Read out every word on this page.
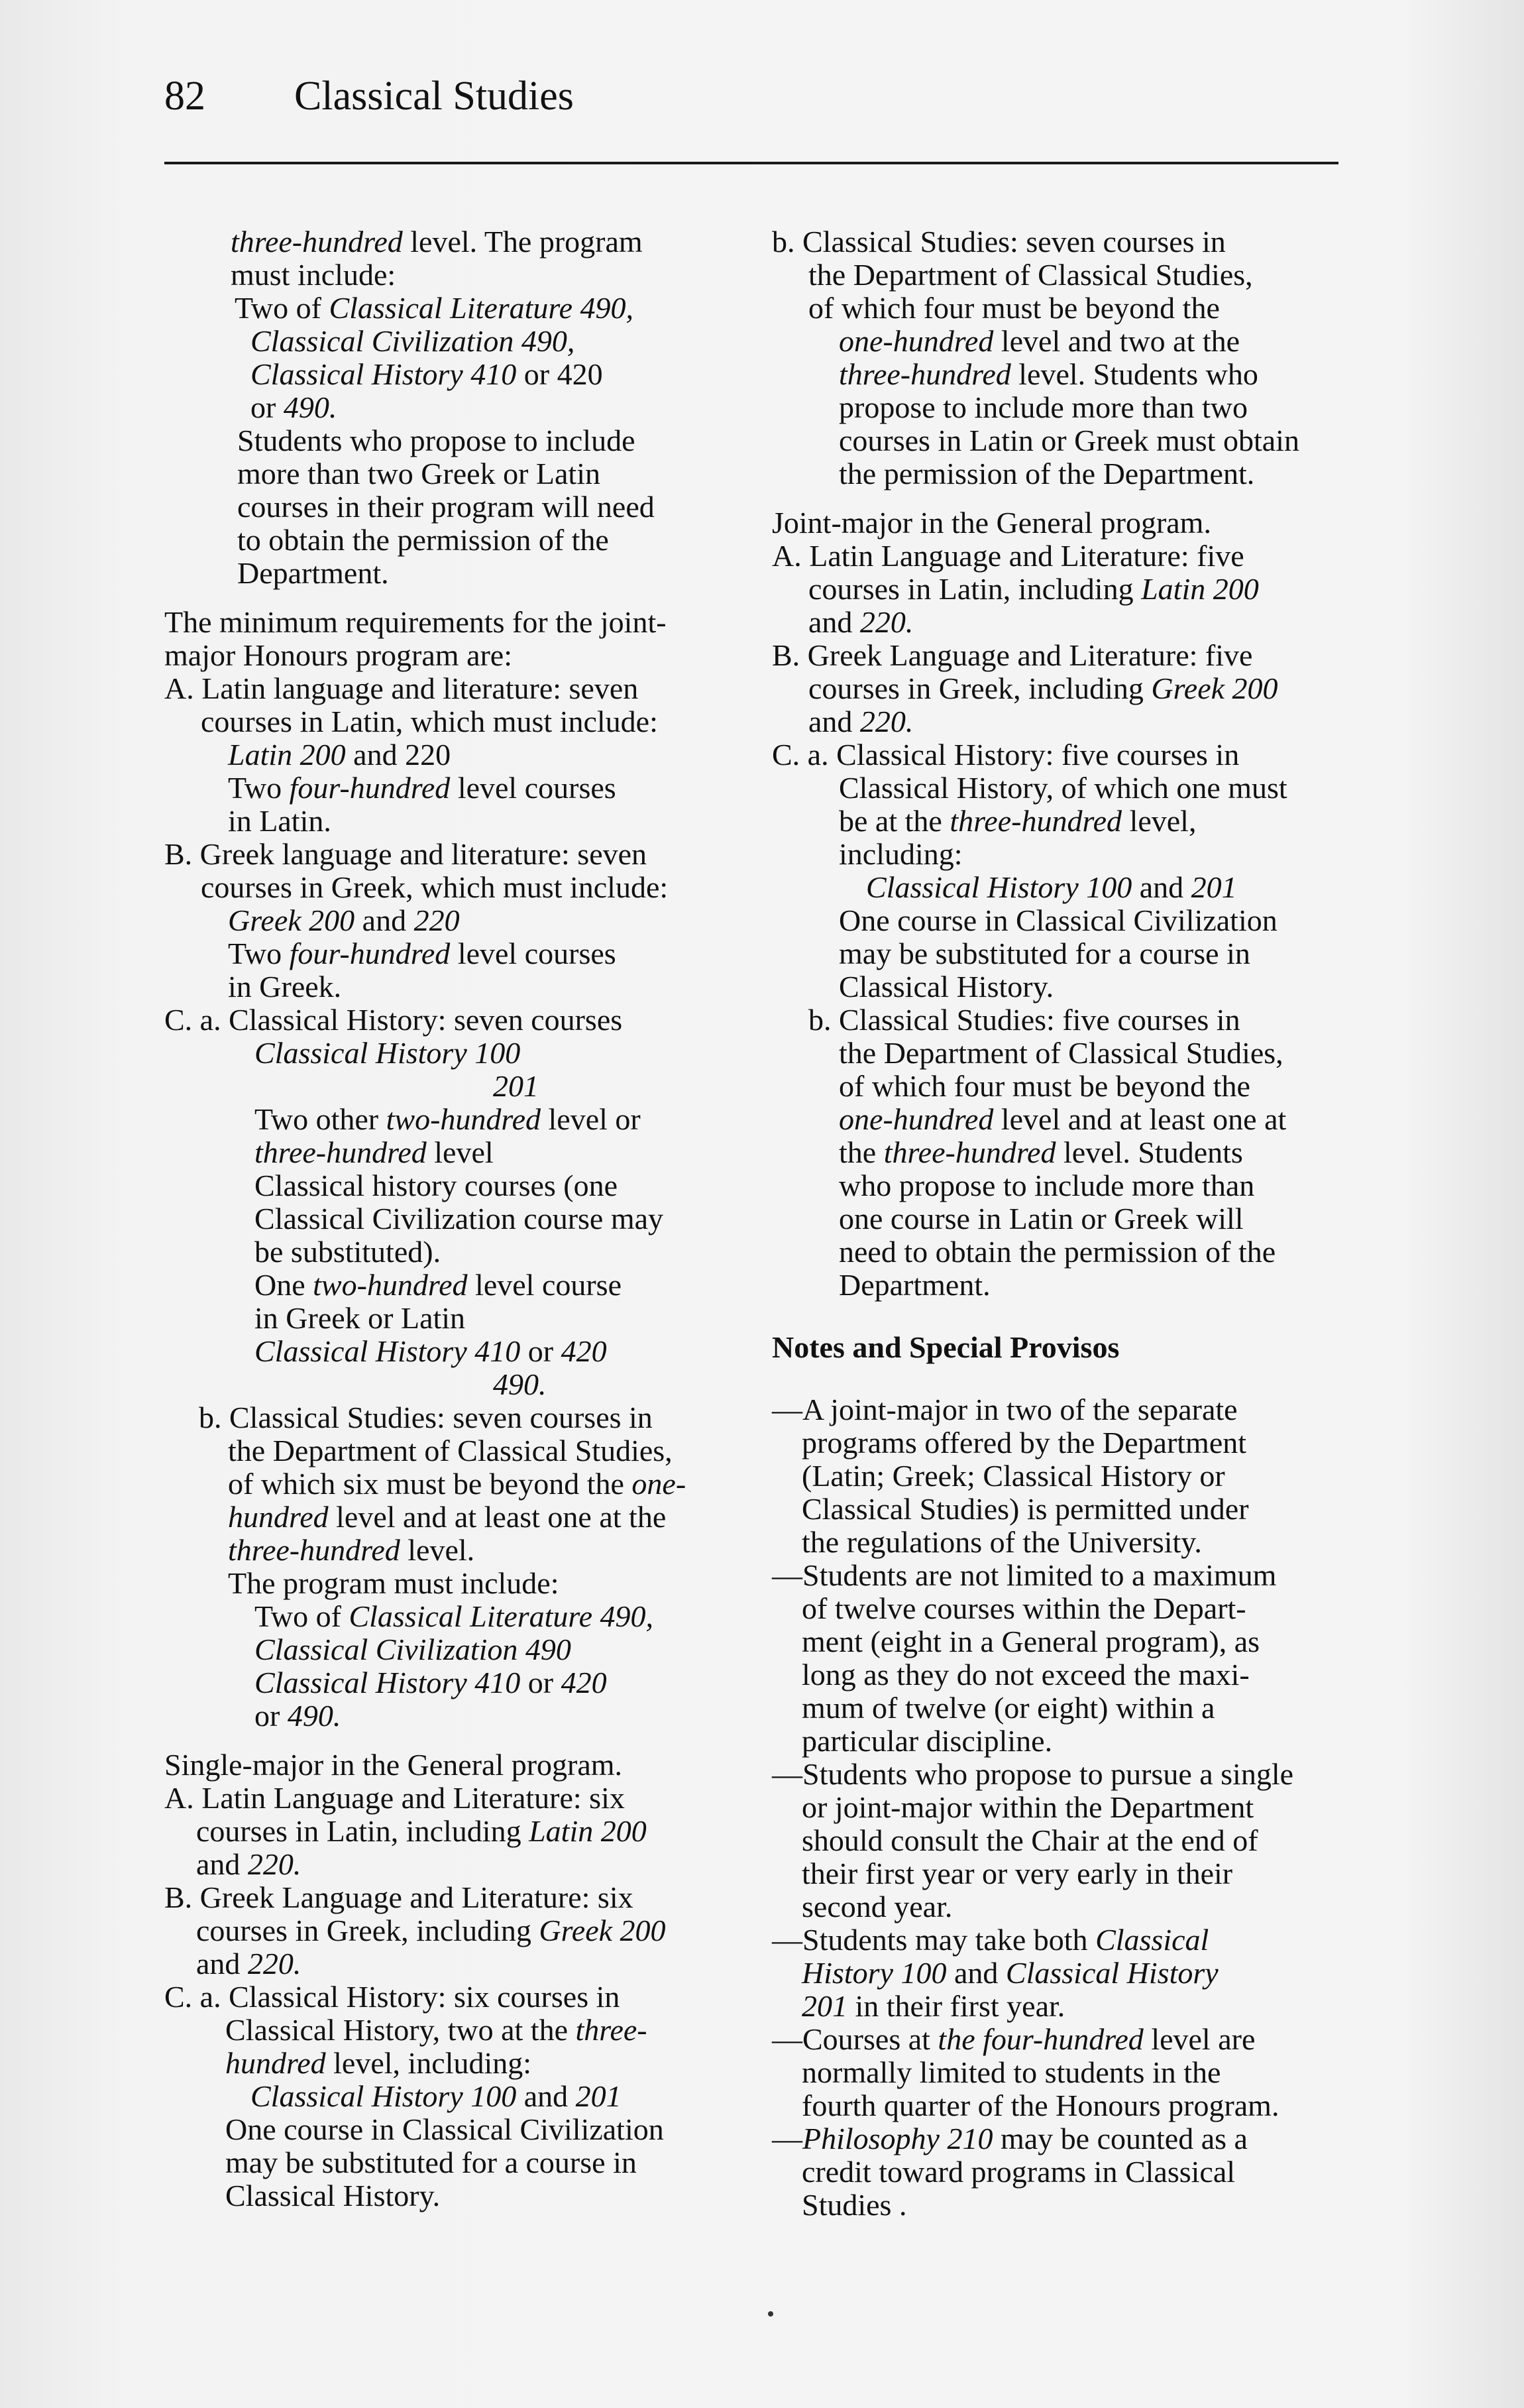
82 Classical Studies
three-hundred level. The program
must include:
Two of Classical Literature 490,
Classical Civilization 490,
Classical History 410 or 420
or 490.
Students who propose to include
more than two Greek or Latin
courses in their program will need
to obtain the permission of the
Department.
The minimum requirements for the joint-
major Honours program are:
A. Latin language and literature: seven
courses in Latin, which must include:
Latin 200 and 220
Two four-hundred level courses
in Latin.
B. Greek language and literature: seven
courses in Greek, which must include:
Greek 200 and 220
Two four-hundred level courses
in Greek.
C. a. Classical History: seven courses
Classical History 100
201
Two other two-hundred level or
three-hundred level
Classical history courses (one
Classical Civilization course may
be substituted).
One two-hundred level course
in Greek or Latin
Classical History 410 or 420
490.
b. Classical Studies: seven courses in
the Department of Classical Studies,
of which six must be beyond the one-
hundred level and at least one at the
three-hundred level.
The program must include:
Two of Classical Literature 490,
Classical Civilization 490
Classical History 410 or 420
or 490.
Single-major in the General program.
A. Latin Language and Literature: six
courses in Latin, including Latin 200
and 220.
B. Greek Language and Literature: six
courses in Greek, including Greek 200
and 220.
C. a. Classical History: six courses in
Classical History, two at the three-
hundred level, including:
Classical History 100 and 201
One course in Classical Civilization
may be substituted for a course in
Classical History.
b. Classical Studies: seven courses in
the Department of Classical Studies,
of which four must be beyond the
one-hundred level and two at the
three-hundred level. Students who
propose to include more than two
courses in Latin or Greek must obtain
the permission of the Department.
Joint-major in the General program.
A. Latin Language and Literature: five
courses in Latin, including Latin 200
and 220.
B. Greek Language and Literature: five
courses in Greek, including Greek 200
and 220.
C. a. Classical History: five courses in
Classical History, of which one must
be at the three-hundred level,
including:
Classical History 100 and 201
One course in Classical Civilization
may be substituted for a course in
Classical History.
b. Classical Studies: five courses in
the Department of Classical Studies,
of which four must be beyond the
one-hundred level and at least one at
the three-hundred level. Students
who propose to include more than
one course in Latin or Greek will
need to obtain the permission of the
Department.
Notes and Special Provisos
—A joint-major in two of the separate
programs offered by the Department
(Latin; Greek; Classical History or
Classical Studies) is permitted under
the regulations of the University.
—Students are not limited to a maximum
of twelve courses within the Depart-
ment (eight in a General program), as
long as they do not exceed the maxi-
mum of twelve (or eight) within a
particular discipline.
—Students who propose to pursue a single
or joint-major within the Department
should consult the Chair at the end of
their first year or very early in their
second year.
—Students may take both Classical
History 100 and Classical History
201 in their first year.
—Courses at the four-hundred level are
normally limited to students in the
fourth quarter of the Honours program.
—Philosophy 210 may be counted as a
credit toward programs in Classical
Studies .
